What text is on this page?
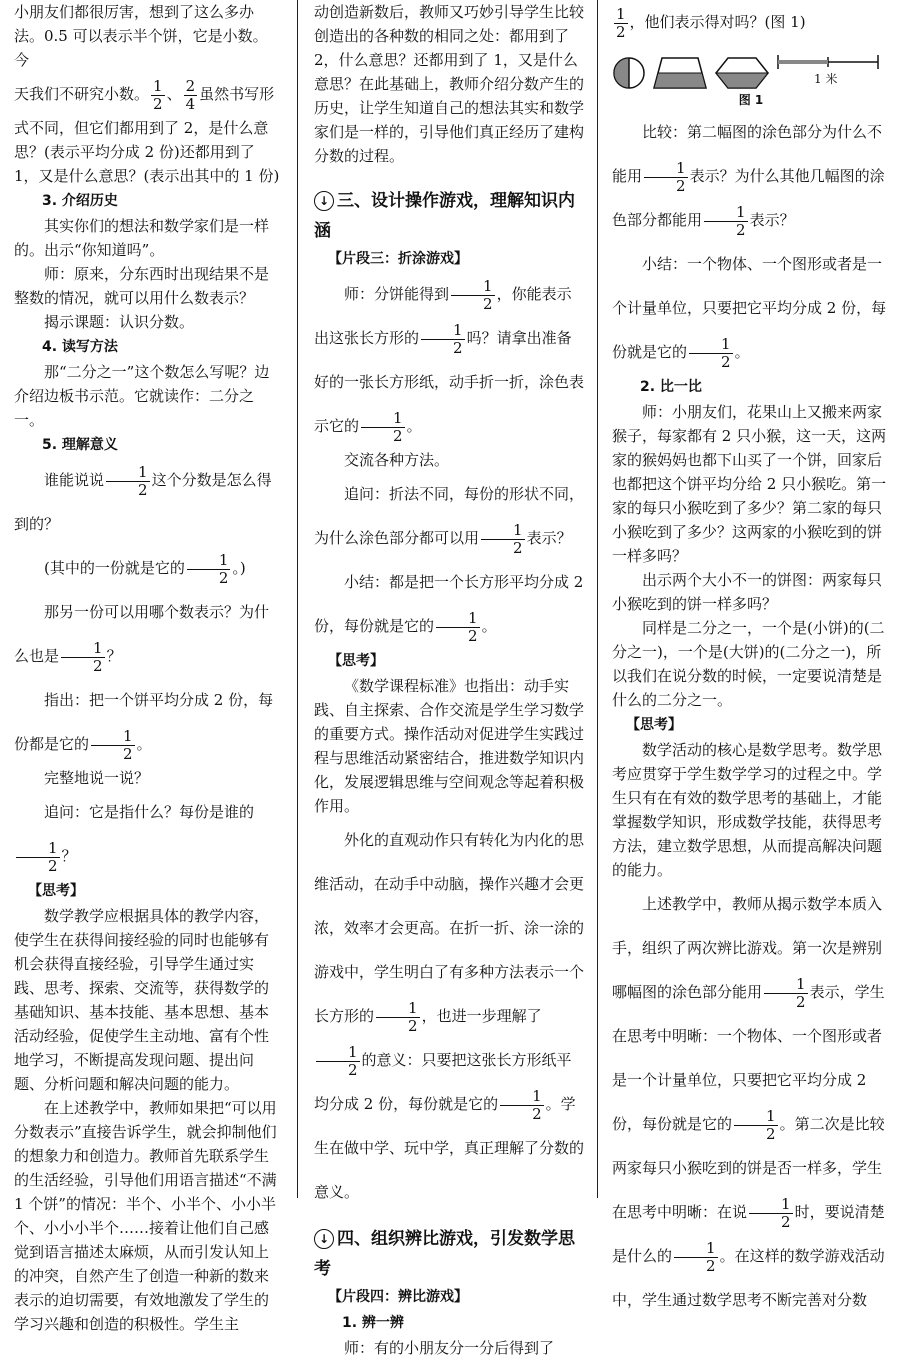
小朋友们都很厉害，想到了这么多办法。0.5 可以表示半个饼，它是小数。今

天我们不研究小数。 $\frac{1}{2}$ 、 $\frac{2}{4}$ 虽然书写形

式不同，但它们都用到了 2，是什么意思？(表示平均分成 2 份)还都用到了 1，又是什么意思？(表示出其中的 1 份)

3. 介绍历史

其实你们的想法和数学家们是一样的。出示“你知道吗”。

师：原来，分东西时出现结果不是整数的情况，就可以用什么数表示？

揭示课题：认识分数。

4. 读写方法

那“二分之一”这个数怎么写呢？边介绍边板书示范。它就读作：二分之一。

5. 理解意义

谁能说说 $\frac{1}{2}$ 这个分数是怎么得到的？

(其中的一份就是它的 $\frac{1}{2}$ 。)

那另一份可以用哪个数表示？为什么也是 $\frac{1}{2}$ ？

指出：把一个饼平均分成 2 份，每份都是它的 $\frac{1}{2}$ 。

完整地说一说？

追问：它是指什么？每份是谁的
$\frac{1}{2}$ ？

【思考】

数学教学应根据具体的教学内容，使学生在获得间接经验的同时也能够有机会获得直接经验，引导学生通过实践、思考、探索、交流等，获得数学的基础知识、基本技能、基本思想、基本活动经验，促使学生主动地、富有个性地学习，不断提高发现问题、提出问题、分析问题和解决问题的能力。

在上述教学中，教师如果把“可以用分数表示”直接告诉学生，就会抑制他们的想象力和创造力。教师首先联系学生的生活经验，引导他们用语言描述“不满 1 个饼”的情况：半个、小半个、小小半个、小小小半个……接着让他们自己感觉到语言描述太麻烦，从而引发认知上的冲突，自然产生了创造一种新的数来表示的迫切需要，有效地激发了学生的学习兴趣和创造的积极性。学生主

动创造新数后，教师又巧妙引导学生比较创造出的各种数的相同之处：都用到了 2，什么意思？还都用到了 1，又是什么意思？在此基础上，教师介绍分数产生的历史，让学生知道自己的想法其实和数学家们是一样的，引导他们真正经历了建构分数的过程。

↓ 三、设计操作游戏，理解知识内涵
【片段三：折涂游戏】

师：分饼能得到 $\frac{1}{2}$ ，你能表示出这张长方形的 $\frac{1}{2}$ 吗？请拿出准备好的一张长方形纸，动手折一折，涂色表示它的 $\frac{1}{2}$ 。

交流各种方法。

追问：折法不同，每份的形状不同，为什么涂色部分都可以用 $\frac{1}{2}$ 表示？

小结：都是把一个长方形平均分成 2 份，每份就是它的 $\frac{1}{2}$ 。

【思考】

《数学课程标准》也指出：动手实践、自主探索、合作交流是学生学习数学的重要方式。操作活动对促进学生实践过程与思维活动紧密结合，推进数学知识内化，发展逻辑思维与空间观念等起着积极作用。

外化的直观动作只有转化为内化的思维活动，在动手中动脑，操作兴趣才会更浓，效率才会更高。在折一折、涂一涂的游戏中，学生明白了有多种方法表示一个长方形的 $\frac{1}{2}$ ，也进一步理解了
$\frac{1}{2}$ 的意义：只要把这张长方形纸平均分成 2 份，每份就是它的 $\frac{1}{2}$ 。学生在做中学、玩中学，真正理解了分数的意义。

↓ 四、组织辨比游戏，引发数学思考
【片段四：辨比游戏】
1. 辨一辨

师：有的小朋友分一分后得到了

$\frac{1}{2}$ ，他们表示得对吗？(图 1)

1 米
图 1

比较：第二幅图的涂色部分为什么不能用 $\frac{1}{2}$ 表示？为什么其他几幅图的涂色部分都能用 $\frac{1}{2}$ 表示？

小结：一个物体、一个图形或者是一个计量单位，只要把它平均分成 2 份，每份就是它的 $\frac{1}{2}$ 。

2. 比一比

师：小朋友们，花果山上又搬来两家猴子，每家都有 2 只小猴，这一天，这两家的猴妈妈也都下山买了一个饼，回家后也都把这个饼平均分给 2 只小猴吃。第一家的每只小猴吃到了多少？第二家的每只小猴吃到了多少？这两家的小猴吃到的饼一样多吗？

出示两个大小不一的饼图：两家每只小猴吃到的饼一样多吗？

同样是二分之一，一个是(小饼)的(二分之一)，一个是(大饼)的(二分之一)，所以我们在说分数的时候，一定要说清楚是什么的二分之一。

【思考】

数学活动的核心是数学思考。数学思考应贯穿于学生数学学习的过程之中。学生只有在有效的数学思考的基础上，才能掌握数学知识，形成数学技能，获得思考方法，建立数学思想，从而提高解决问题的能力。

上述教学中，教师从揭示数学本质入手，组织了两次辨比游戏。第一次是辨别哪幅图的涂色部分能用 $\frac{1}{2}$ 表示，学生在思考中明晰：一个物体、一个图形或者是一个计量单位，只要把它平均分成 2 份，每份就是它的 $\frac{1}{2}$ 。第二次是比较两家每只小猴吃到的饼是否一样多，学生在思考中明晰：在说 $\frac{1}{2}$ 时，要说清楚是什么的 $\frac{1}{2}$ 。在这样的数学游戏活动中，学生通过数学思考不断完善对分数
